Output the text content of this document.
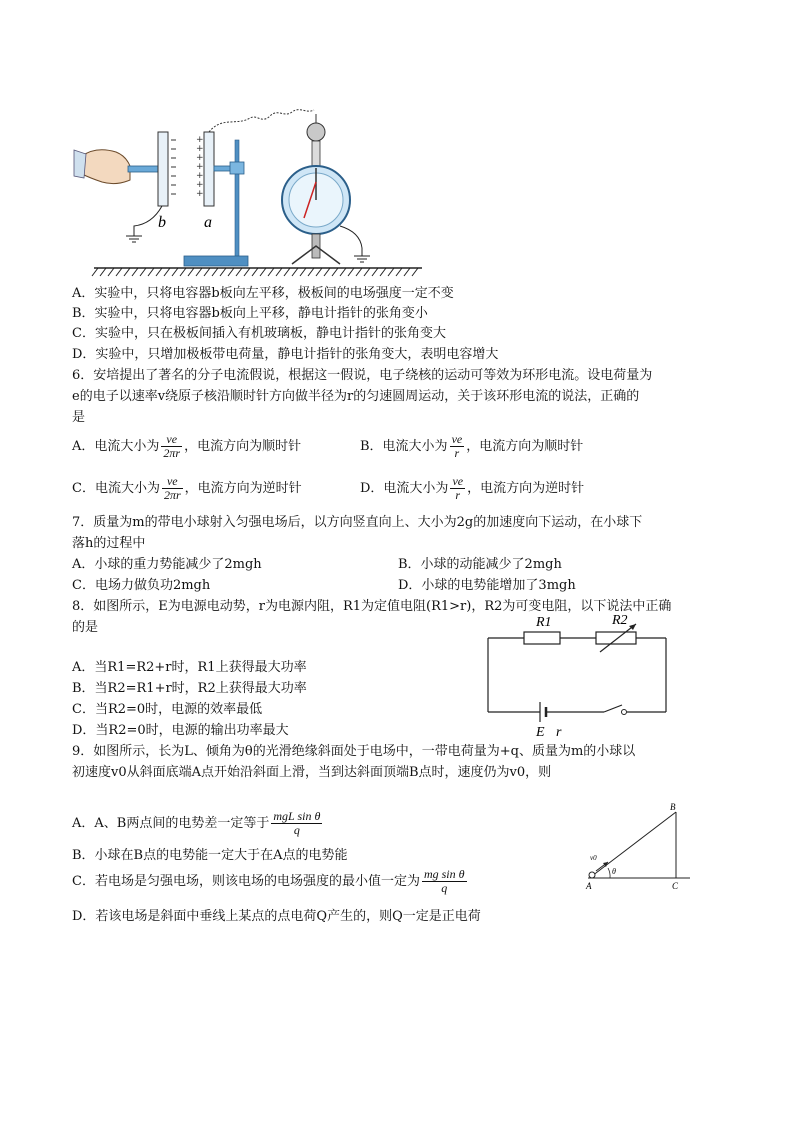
+
+
+
+
+
+
+
b a
A．实验中，只将电容器b板向左平移，极板间的电场强度一定不变
B．实验中，只将电容器b板向上平移，静电计指针的张角变小
C．实验中，只在极板间插入有机玻璃板，静电计指针的张角变大
D．实验中，只增加极板带电荷量，静电计指针的张角变大，表明电容增大
6．安培提出了著名的分子电流假说，根据这一假说，电子绕核的运动可等效为环形电流。设电荷量为
e的电子以速率v绕原子核沿顺时针方向做半径为r的匀速圆周运动，关于该环形电流的说法，正确的
是
A．电流大小为 $\frac{ve}{2\pi r}$ ，电流方向为顺时针	B．电流大小为 $\frac{ve}{r}$ ，电流方向为顺时针
C．电流大小为 $\frac{ve}{2\pi r}$ ，电流方向为逆时针	D．电流大小为 $\frac{ve}{r}$ ，电流方向为逆时针
7．质量为m的带电小球射入匀强电场后，以方向竖直向上、大小为2g的加速度向下运动，在小球下
落h的过程中
A．小球的重力势能减少了2mgh	B．小球的动能减少了2mgh
C．电场力做负功2mgh	D．小球的电势能增加了3mgh
8．如图所示，E为电源电动势，r为电源内阻，R1为定值电阻(R1>r)，R2为可变电阻，以下说法中正确
的是
A．当R1=R2+r时，R1上获得最大功率
B．当R2=R1+r时，R2上获得最大功率
C．当R2=0时，电源的效率最低
D．当R2=0时，电源的输出功率最大
R1	R2
E r
9．如图所示，长为L、倾角为θ的光滑绝缘斜面处于电场中，一带电荷量为+q、质量为m的小球以
初速度v0从斜面底端A点开始沿斜面上滑，当到达斜面顶端B点时，速度仍为v0，则
A．A、B两点间的电势差一定等于 $\frac{\text{mgL sin θ}}{q}$
B．小球在B点的电势能一定大于在A点的电势能
C．若电场是匀强电场，则该电场的电场强度的最小值一定为 $\frac{\text{mg sin θ}}{q}$
D．若该电场是斜面中垂线上某点的点电荷Q产生的，则Q一定是正电荷
B
A	C
v0
θ
